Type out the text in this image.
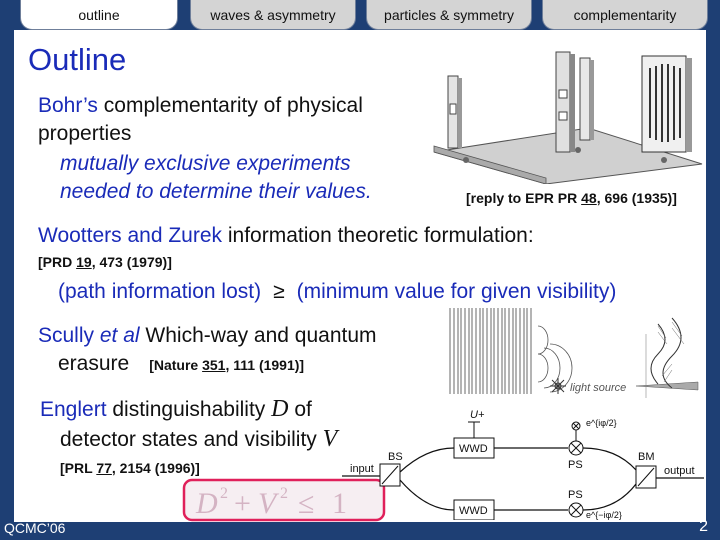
outline	waves & asymmetry	particles & symmetry	complementarity
Outline
Bohr’s complementarity of physical
properties
mutually exclusive experiments
needed to determine their values.	[reply to EPR PR 48, 696 (1935)]
Wootters and Zurek information theoretic formulation:
[PRD 19, 473 (1979)]
(path information lost) ≥ (minimum value for given visibility)
Scully et al Which-way and quantum
erasure [Nature 351, 111 (1991)]
light source
Englert distinguishability D of
detector states and visibility V
[PRL 77, 2154 (1996)]
D 2 + V 2 ≤ 1
input
BS
WWD
WWD
U+
PS
e^{iφ/2}
PS
e^{−iφ/2}
BM
output
QCMC’06	2
